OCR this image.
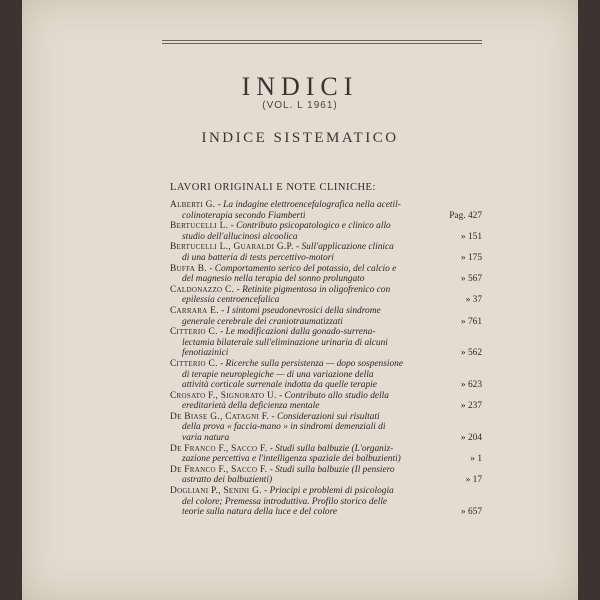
INDICI
(VOL. L 1961)
INDICE SISTEMATICO
LAVORI ORIGINALI E NOTE CLINICHE:
Alberti G. - La indagine elettroencefalografica nella acetil-
colinoterapia secondo Fiamberti	Pag. 427
Bertucelli L. - Contributo psicopatologico e clinico allo
studio dell'allucinosi alcoolica	» 151
Bertucelli L., Guaraldi G.P. - Sull'applicazione clinica
di una batteria di tests percettivo-motori	» 175
Buffa B. - Comportamento serico del potassio, del calcio e
del magnesio nella terapia del sonno prolungato	» 567
Caldonazzo C. - Retinite pigmentosa in oligofrenico con
epilessia centroencefalica	» 37
Carrara E. - I sintomi pseudonevrosici della sindrome
generale cerebrale dei craniotraumatizzati	» 761
Citterio C. - Le modificazioni dalla gonado-surrena-
lectamia bilaterale sull'eliminazione urinaria di alcuni
fenotiazinici	» 562
Citterio C. - Ricerche sulla persistenza — dopo sospensione
di terapie neuroplegiche — di una variazione della
attività corticale surrenale indotta da quelle terapie	» 623
Crosato F., Signorato U. - Contributo allo studio della
ereditarietà della deficienza mentale	» 237
De Biase G., Catagni F. - Considerazioni sui risultati
della prova « faccia-mano » in sindromi demenziali di
varia natura	» 204
De Franco F., Sacco F. - Studi sulla balbuzie (L'organiz-
zazione percettiva e l'intelligenza spaziale dei balbuzienti)	» 1
De Franco F., Sacco F. - Studi sulla balbuzie (Il pensiero
astratto dei balbuzienti)	» 17
Dogliani P., Senini G. - Principi e problemi di psicologia
del colore; Premessa introduttiva. Profilo storico delle
teorie sulla natura della luce e del colore	» 657
